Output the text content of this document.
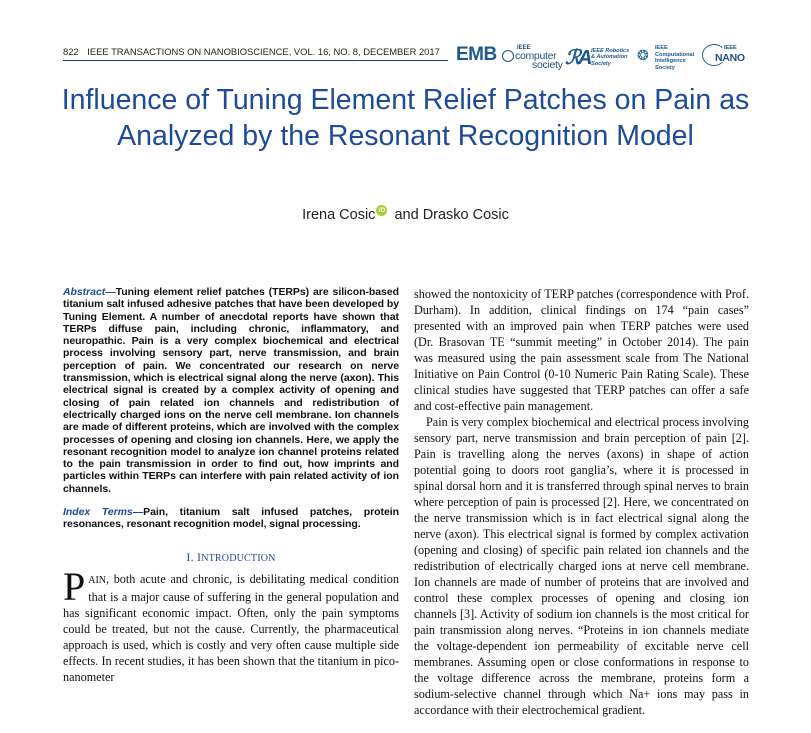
822 IEEE TRANSACTIONS ON NANOBIOSCIENCE, VOL. 16, NO. 8, DECEMBER 2017 EMB	IEEE
computer
society ℛA IEEE Robotics
& Automation
Society
❂ IEEE
Computational
Intelligence
Society
IEEE
NANO
Influence of Tuning Element Relief Patches on Pain as Analyzed by the Resonant Recognition Model
Irena Cosic iD and Drasko Cosic

Abstract—Tuning element relief patches (TERPs) are silicon-based titanium salt infused adhesive patches that have been developed by Tuning Element. A number of anecdotal reports have shown that TERPs diffuse pain, including chronic, inflammatory, and neuropathic. Pain is a very complex biochemical and electrical process involving sensory part, nerve transmission, and brain perception of pain. We concentrated our research on nerve transmission, which is electrical signal along the nerve (axon). This electrical signal is created by a complex activity of opening and closing of pain related ion channels and redistribution of electrically charged ions on the nerve cell membrane. Ion channels are made of different proteins, which are involved with the complex processes of opening and closing ion channels. Here, we apply the resonant recognition model to analyze ion channel proteins related to the pain transmission in order to find out, how imprints and particles within TERPs can interfere with pain related activity of ion channels.

Index Terms—Pain, titanium salt infused patches, protein resonances, resonant recognition model, signal processing.

I. INTRODUCTION

PAIN, both acute and chronic, is debilitating medical condition that is a major cause of suffering in the general population and has significant economic impact. Often, only the pain symptoms could be treated, but not the cause. Currently, the pharmaceutical approach is used, which is costly and very often cause multiple side effects. In recent studies, it has been shown that the titanium in pico-nanometer

showed the nontoxicity of TERP patches (correspondence with Prof. Durham). In addition, clinical findings on 174 “pain cases” presented with an improved pain when TERP patches were used (Dr. Brasovan TE “summit meeting” in October 2014). The pain was measured using the pain assessment scale from The National Initiative on Pain Control (0-10 Numeric Pain Rating Scale). These clinical studies have suggested that TERP patches can offer a safe and cost-effective pain management.

Pain is very complex biochemical and electrical process involving sensory part, nerve transmission and brain perception of pain [2]. Pain is travelling along the nerves (axons) in shape of action potential going to doors root ganglia’s, where it is processed in spinal dorsal horn and it is transferred through spinal nerves to brain where perception of pain is processed [2]. Here, we concentrated on the nerve transmission which is in fact electrical signal along the nerve (axon). This electrical signal is formed by complex activation (opening and closing) of specific pain related ion channels and the redistribution of electrically charged ions at nerve cell membrane. Ion channels are made of number of proteins that are involved and control these complex processes of opening and closing ion channels [3]. Activity of sodium ion channels is the most critical for pain transmission along nerves. “Proteins in ion channels mediate the voltage-dependent ion permeability of excitable nerve cell membranes. Assuming open or close conformations in response to the voltage difference across the membrane, proteins form a sodium-selective channel through which Na+ ions may pass in accordance with their electrochemical gradient.
